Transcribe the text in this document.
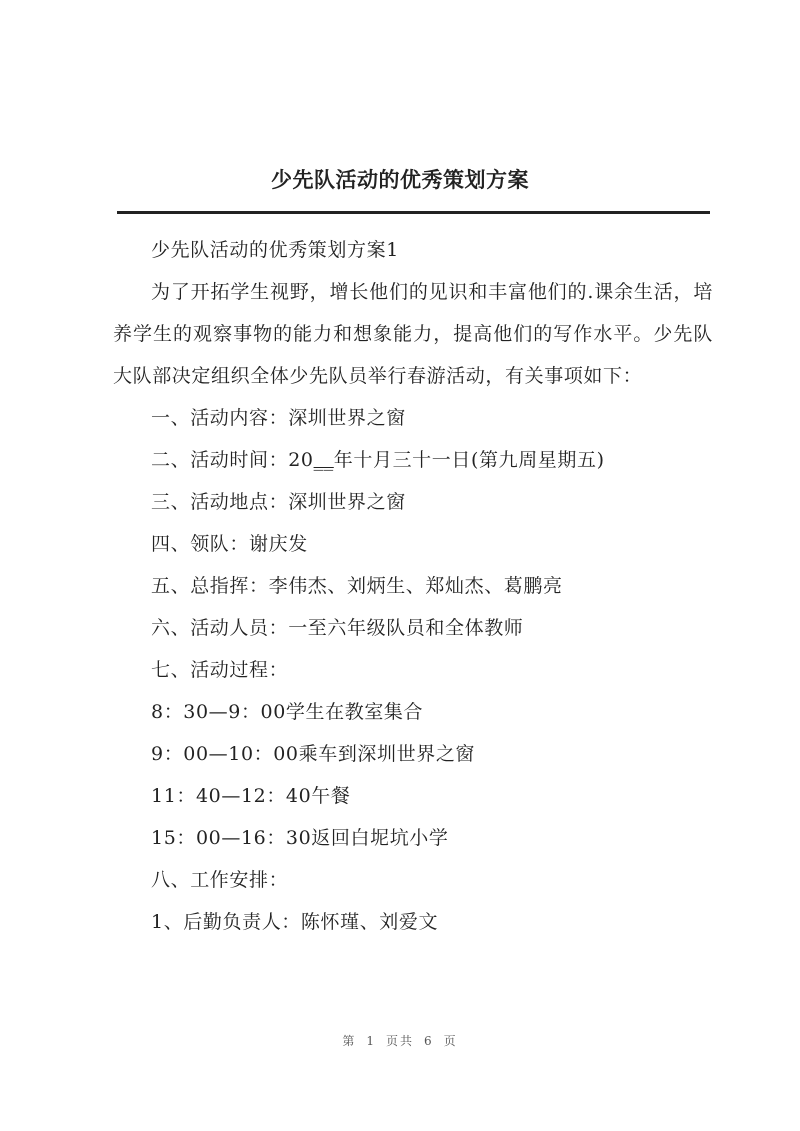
少先队活动的优秀策划方案

少先队活动的优秀策划方案1

为了开拓学生视野，增长他们的见识和丰富他们的.课余生活，培养学生的观察事物的能力和想象能力，提高他们的写作水平。少先队大队部决定组织全体少先队员举行春游活动，有关事项如下：

一、活动内容：深圳世界之窗

二、活动时间：20__年十月三十一日(第九周星期五)

三、活动地点：深圳世界之窗

四、领队：谢庆发

五、总指挥：李伟杰、刘炳生、郑灿杰、葛鹏亮

六、活动人员：一至六年级队员和全体教师

七、活动过程：

8：30—9：00学生在教室集合

9：00—10：00乘车到深圳世界之窗

11：40—12：40午餐

15：00—16：30返回白坭坑小学

八、工作安排：

1、后勤负责人：陈怀瑾、刘爱文

第 1 页共 6 页
